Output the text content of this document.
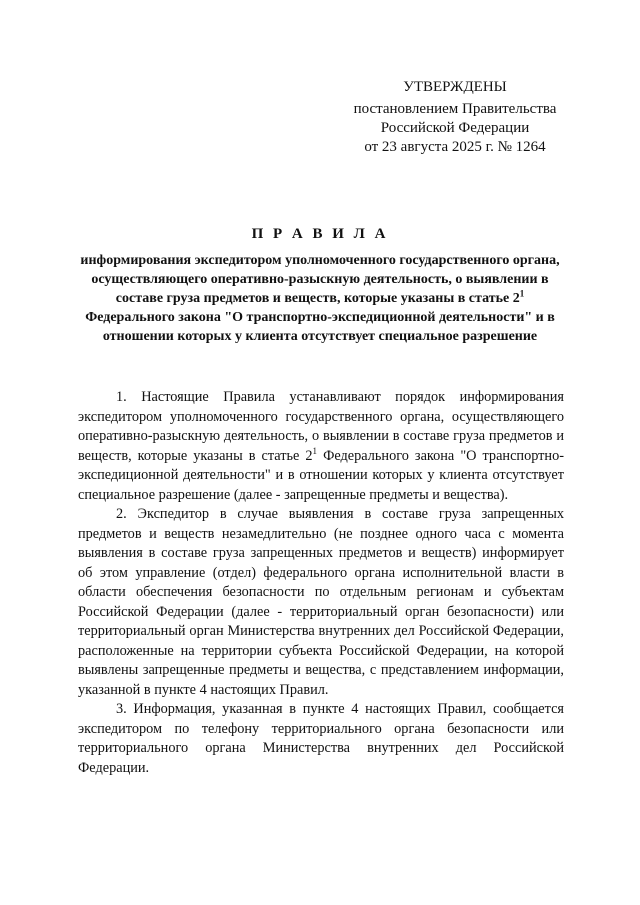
УТВЕРЖДЕНЫ
постановлением Правительства
Российской Федерации
от 23 августа 2025 г. № 1264
П Р А В И Л А
информирования экспедитором уполномоченного государственного органа, осуществляющего оперативно-разыскную деятельность, о выявлении в составе груза предметов и веществ, которые указаны в статье $2^1$ Федерального закона "О транспортно-экспедиционной деятельности" и в отношении которых у клиента отсутствует специальное разрешение

1. Настоящие Правила устанавливают порядок информирования экспедитором уполномоченного государственного органа, осуществляющего оперативно-разыскную деятельность, о выявлении в составе груза предметов и веществ, которые указаны в статье $2^1$ Федерального закона "О транспортно-экспедиционной деятельности" и в отношении которых у клиента отсутствует специальное разрешение (далее - запрещенные предметы и вещества).

2. Экспедитор в случае выявления в составе груза запрещенных предметов и веществ незамедлительно (не позднее одного часа с момента выявления в составе груза запрещенных предметов и веществ) информирует об этом управление (отдел) федерального органа исполнительной власти в области обеспечения безопасности по отдельным регионам и субъектам Российской Федерации (далее - территориальный орган безопасности) или территориальный орган Министерства внутренних дел Российской Федерации, расположенные на территории субъекта Российской Федерации, на которой выявлены запрещенные предметы и вещества, с представлением информации, указанной в пункте 4 настоящих Правил.

3. Информация, указанная в пункте 4 настоящих Правил, сообщается экспедитором по телефону территориального органа безопасности или территориального органа Министерства внутренних дел Российской Федерации.
